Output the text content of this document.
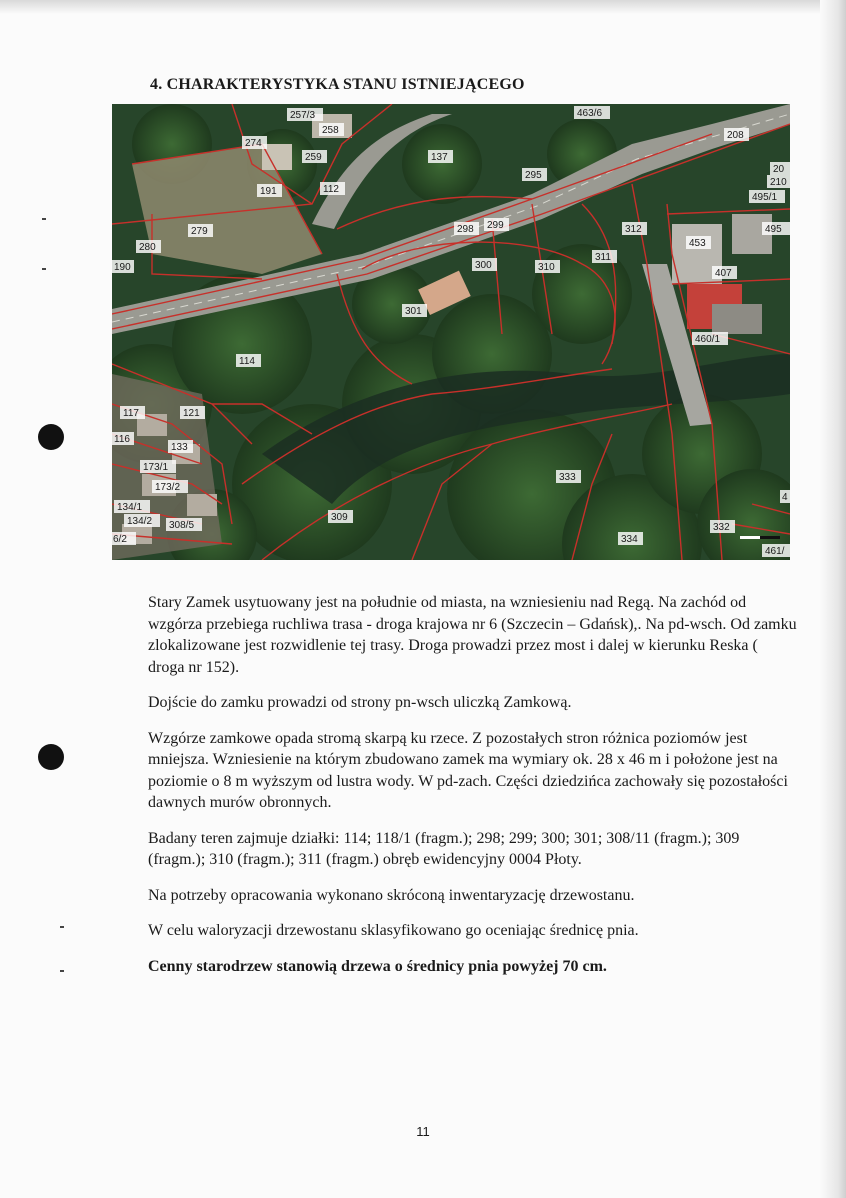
4. CHARAKTERYSTYKA STANU ISTNIEJĄCEGO
257/3
258
274
259
191	112
137
295
463/6
208
20
210
495/1
495
279
280
190
298 299
300	310
311
312
453
407
301
460/1
114
117	121
116
133
173/1
173/2
134/1
134/2 308/5
6/2
309
333
334
332
461/
4

Stary Zamek usytuowany jest na południe od miasta, na wzniesieniu nad Regą. Na zachód od wzgórza przebiega ruchliwa trasa - droga krajowa nr 6 (Szczecin – Gdańsk),. Na pd-wsch. Od zamku zlokalizowane jest rozwidlenie tej trasy. Droga prowadzi przez most i dalej w kierunku Reska ( droga nr 152).

Dojście do zamku prowadzi od strony pn-wsch uliczką Zamkową.

Wzgórze zamkowe opada stromą skarpą ku rzece. Z pozostałych stron różnica poziomów jest mniejsza. Wzniesienie na którym zbudowano zamek ma wymiary ok. 28 x 46 m i położone jest na poziomie o 8 m wyższym od lustra wody. W pd-zach. Części dziedzińca zachowały się pozostałości dawnych murów obronnych.

Badany teren zajmuje działki: 114; 118/1 (fragm.); 298; 299; 300; 301; 308/11 (fragm.); 309 (fragm.); 310 (fragm.); 311 (fragm.) obręb ewidencyjny 0004 Płoty.

Na potrzeby opracowania wykonano skróconą inwentaryzację drzewostanu.

W celu waloryzacji drzewostanu sklasyfikowano go oceniając średnicę pnia.

Cenny starodrzew stanowią drzewa o średnicy pnia powyżej 70 cm.

11
